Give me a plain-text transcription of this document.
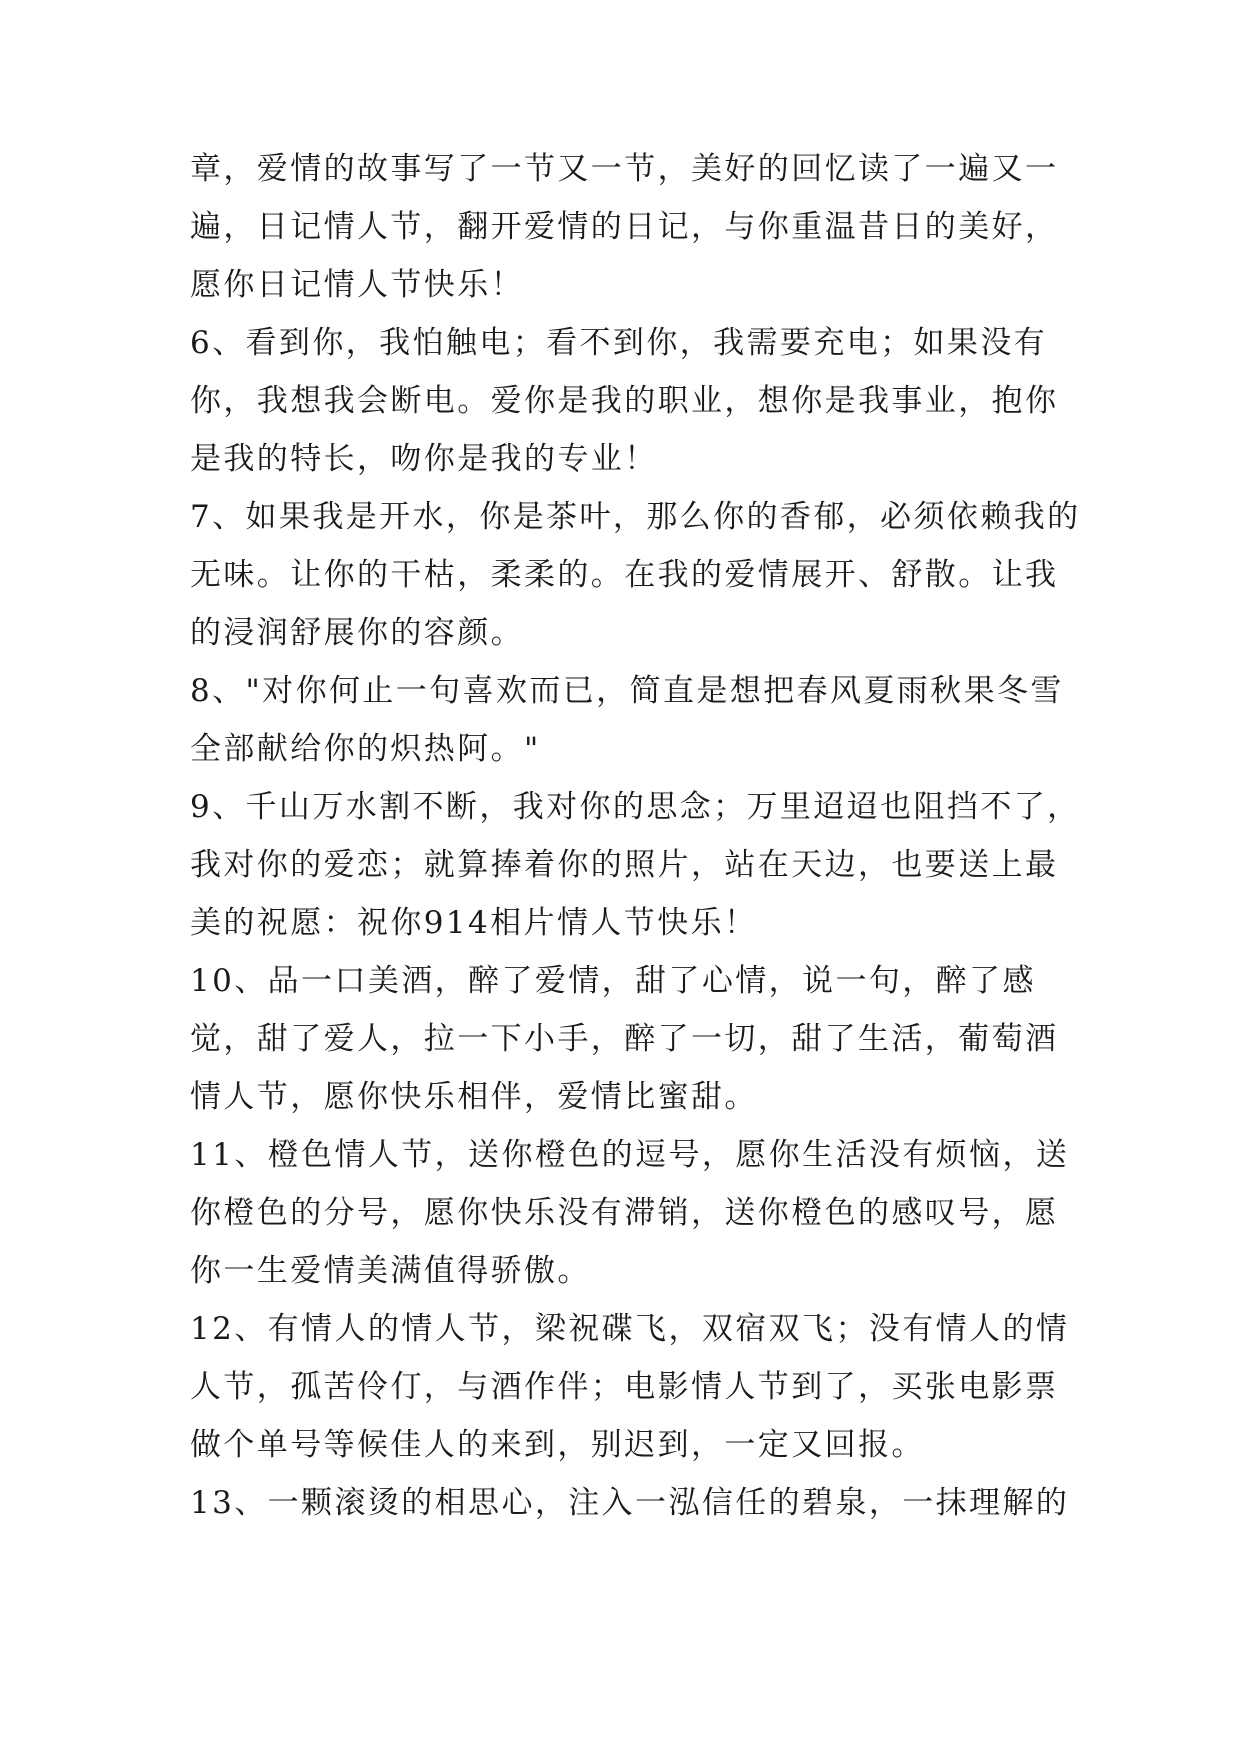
章，爱情的故事写了一节又一节，美好的回忆读了一遍又一遍，日记情人节，翻开爱情的日记，与你重温昔日的美好，愿你日记情人节快乐！

6、看到你，我怕触电；看不到你，我需要充电；如果没有你，我想我会断电。爱你是我的职业，想你是我事业，抱你是我的特长，吻你是我的专业！

7、如果我是开水，你是茶叶，那么你的香郁，必须依赖我的无味。让你的干枯，柔柔的。在我的爱情展开、舒散。让我的浸润舒展你的容颜。

8、"对你何止一句喜欢而已，简直是想把春风夏雨秋果冬雪全部献给你的炽热阿。"

9、千山万水割不断，我对你的思念；万里迢迢也阻挡不了，我对你的爱恋；就算捧着你的照片，站在天边，也要送上最美的祝愿：祝你914相片情人节快乐！

10、品一口美酒，醉了爱情，甜了心情，说一句，醉了感觉，甜了爱人，拉一下小手，醉了一切，甜了生活，葡萄酒情人节，愿你快乐相伴，爱情比蜜甜。

11、橙色情人节，送你橙色的逗号，愿你生活没有烦恼，送你橙色的分号，愿你快乐没有滞销，送你橙色的感叹号，愿你一生爱情美满值得骄傲。

12、有情人的情人节，梁祝碟飞，双宿双飞；没有情人的情人节，孤苦伶仃，与酒作伴；电影情人节到了，买张电影票做个单号等候佳人的来到，别迟到，一定又回报。

13、一颗滚烫的相思心，注入一泓信任的碧泉，一抹理解的
